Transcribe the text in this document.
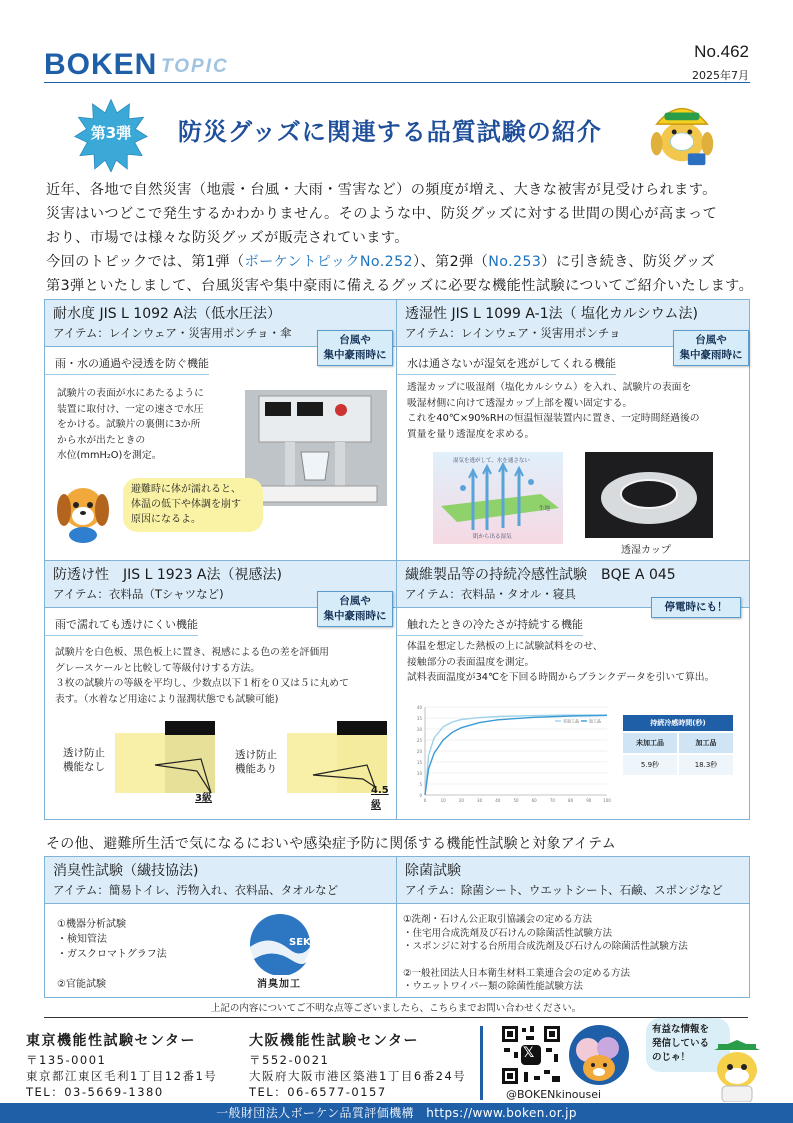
BOKEN TOPIC
No.462
2025年7月
第3弾	防災グッズに関連する品質試験の紹介
近年、各地で自然災害（地震・台風・大雨・雪害など）の頻度が増え、大きな被害が見受けられます。
災害はいつどこで発生するかわかりません。そのような中、防災グッズに対する世間の関心が高まって
おり、市場では様々な防災グッズが販売されています。
今回のトピックでは、第1弾（ボーケントピックNo.252）、第2弾（No.253）に引き続き、防災グッズ
第3弾といたしまして、台風災害や集中豪雨に備えるグッズに必要な機能性試験についてご紹介いたします。
耐水度 JIS L 1092 A法（低水圧法）
アイテム：レインウェア・災害用ポンチョ・傘	台風や
集中豪雨時に
雨・水の通過や浸透を防ぐ機能
試験片の表面が水にあたるように
装置に取付け、一定の速さで水圧
をかける。試験片の裏側に3か所
から水が出たときの
水位(mmH₂O)を測定。
避難時に体が濡れると、
体温の低下や体調を崩す
原因になるよ。
透湿性 JIS L 1099 A-1法（ 塩化カルシウム法)
アイテム：レインウェア・災害用ポンチョ	台風や
集中豪雨時に
水は通さないが湿気を逃がしてくれる機能
透湿カップに吸湿剤（塩化カルシウム）を入れ、試験片の表面を
吸湿材側に向けて透湿カップ上部を覆い固定する。
これを40℃×90%RHの恒温恒湿装置内に置き、一定時間経過後の
質量を量り透湿度を求める。
湿気を逃がして、水を通さない
生地
肌から出る湿気
透湿カップ
防透け性　JIS L 1923 A法（視感法)
アイテム：衣料品（Tシャツなど)	台風や
集中豪雨時に
雨で濡れても透けにくい機能
試験片を白色板、黒色板上に置き、視感による色の差を評価用
グレースケールと比較して等級付けする方法。
３枚の試験片の等級を平均し、少数点以下１桁を０又は５に丸めて
表す。（水着など用途により湿潤状態でも試験可能)
透け防止
機能なし
3級
透け防止
機能あり
4.5級
繊維製品等の持続冷感性試験　BQE A 045
アイテム：衣料品・タオル・寝具
停電時にも！
触れたときの冷たさが持続する機能
体温を想定した熱板の上に試験試料をのせ、
接触部分の表面温度を測定。
試料表面温度が34℃を下回る時間からブランクデータを引いて算出。
0
5
10
15
20
25
30
35
40
0	10	20	30	40	50	60	70	80	90	100
未加工品	加工品	持続冷感時間(秒)
未加工品	加工品
5.9秒	18.3秒
その他、避難所生活で気になるにおいや感染症予防に関係する機能性試験と対象アイテム
消臭性試験（繊技協法)
アイテム：簡易トイレ、汚物入れ、衣料品、タオルなど
①機器分析試験
・検知管法
・ガスクロマトグラフ法
②官能試験
SEK
消臭加工
除菌試験
アイテム：除菌シート、ウエットシート、石鹸、スポンジなど
①洗剤・石けん公正取引協議会の定める方法
・住宅用合成洗剤及び石けんの除菌活性試験方法
・スポンジに対する台所用合成洗剤及び石けんの除菌活性試験方法
②一般社団法人日本衛生材料工業連合会の定める方法
・ウエットワイパー類の除菌性能試験方法
上記の内容についてご不明な点等ございましたら、こちらまでお問い合わせください。
東京機能性試験センター
〒135-0001
東京都江東区毛利1丁目12番1号
TEL：03-5669-1380
大阪機能性試験センター
〒552-0021
大阪府大阪市港区築港1丁目6番24号
TEL：06-6577-0157
𝕏
@BOKENkinousei
有益な情報を
発信している
のじゃ！
一般財団法人ボーケン品質評価機構　https://www.boken.or.jp
